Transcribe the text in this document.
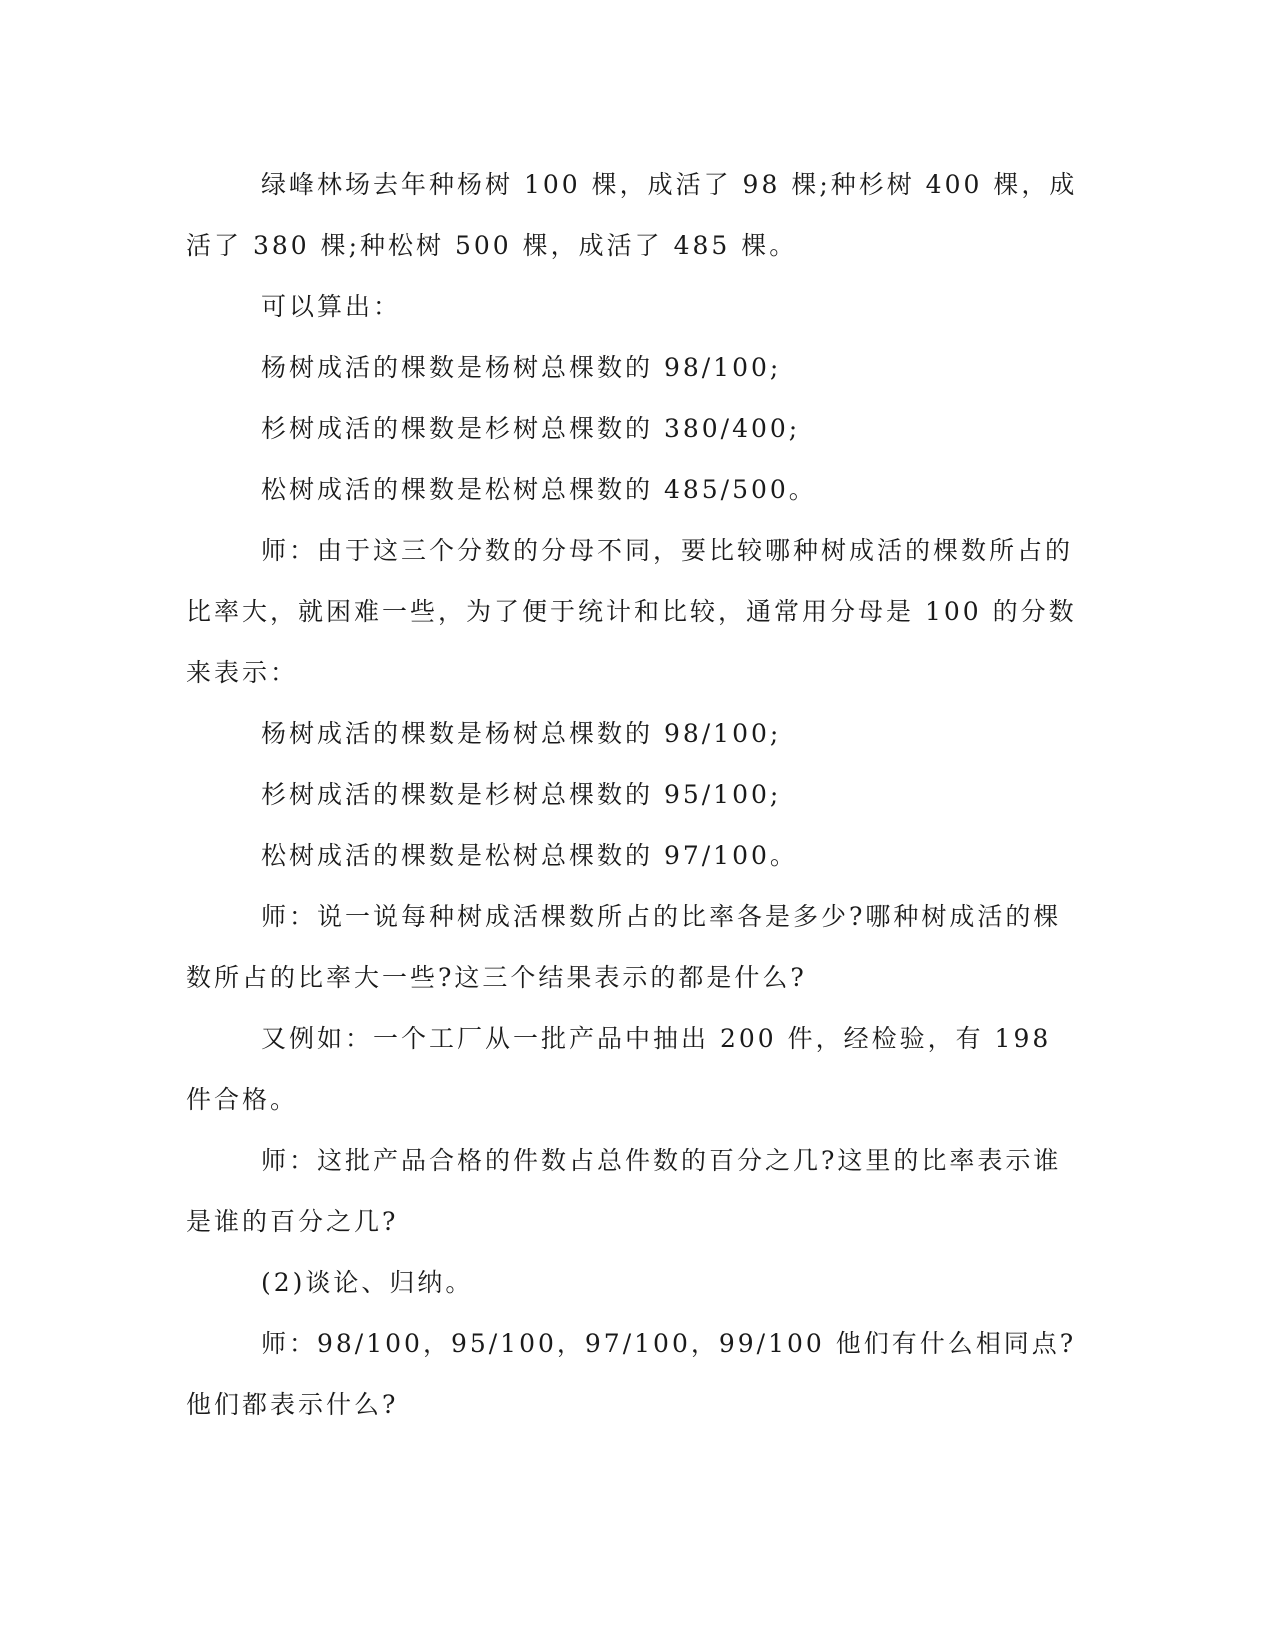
绿峰林场去年种杨树 100 棵，成活了 98 棵;种杉树 400 棵，成活了 380 棵;种松树 500 棵，成活了 485 棵。

可以算出：

杨树成活的棵数是杨树总棵数的 98/100;

杉树成活的棵数是杉树总棵数的 380/400;

松树成活的棵数是松树总棵数的 485/500。

师：由于这三个分数的分母不同，要比较哪种树成活的棵数所占的比率大，就困难一些，为了便于统计和比较，通常用分母是 100 的分数来表示：

杨树成活的棵数是杨树总棵数的 98/100;

杉树成活的棵数是杉树总棵数的 95/100;

松树成活的棵数是松树总棵数的 97/100。

师：说一说每种树成活棵数所占的比率各是多少?哪种树成活的棵数所占的比率大一些?这三个结果表示的都是什么?

又例如：一个工厂从一批产品中抽出 200 件，经检验，有 198 件合格。

师：这批产品合格的件数占总件数的百分之几?这里的比率表示谁是谁的百分之几?

(2)谈论、归纳。

师：98/100，95/100，97/100，99/100 他们有什么相同点?他们都表示什么?
